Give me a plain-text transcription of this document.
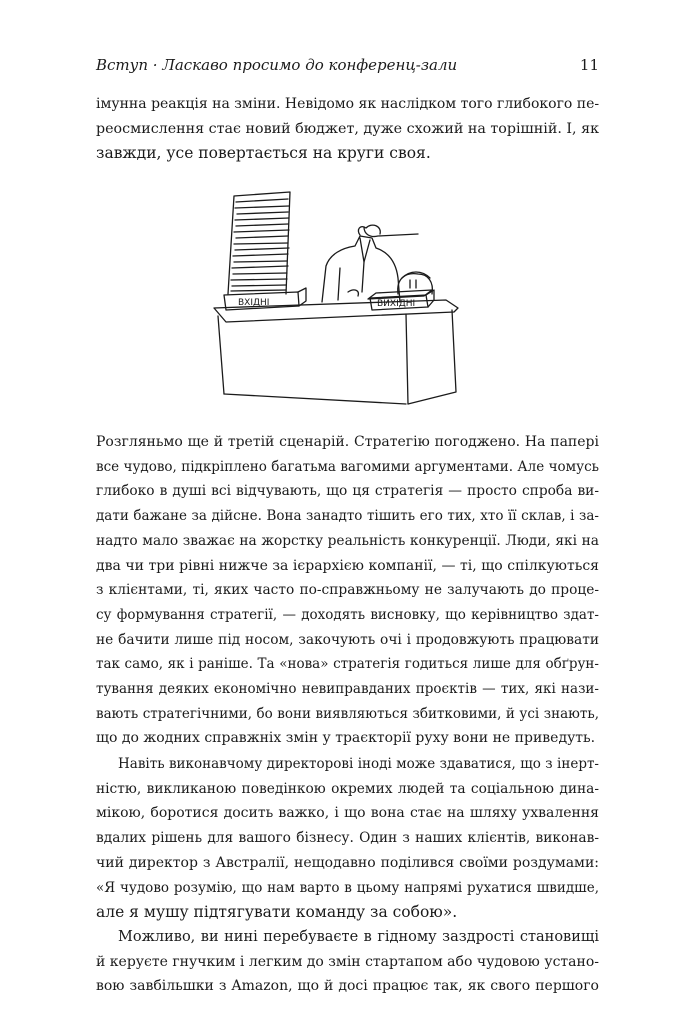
Вступ · Ласкаво просимо до конференц-зали	11

імунна реакція на зміни. Невідомо як наслідком того глибокого пе-
реосмислення стає новий бюджет, дуже схожий на торішній. І, як
завжди, усе повертається на круги своя.

ВХІДНІ	ВИХІДНІ

Розгляньмо ще й третій сценарій. Стратегію погоджено. На папері
все чудово, підкріплено багатьма вагомими аргументами. Але чомусь
глибоко в душі всі відчувають, що ця стратегія — просто спроба ви-
дати бажане за дійсне. Вона занадто тішить его тих, хто її склав, і за-
надто мало зважає на жорстку реальність конкуренції. Люди, які на
два чи три рівні нижче за ієрархією компанії, — ті, що спілкуються
з клієнтами, ті, яких часто по-справжньому не залучають до проце-
су формування стратегії, — доходять висновку, що керівництво здат-
не бачити лише під носом, закочують очі і продовжують працювати
так само, як і раніше. Та «нова» стратегія годиться лише для обґрун-
тування деяких економічно невиправданих проєктів — тих, які нази-
вають стратегічними, бо вони виявляються збитковими, й усі знають,
що до жодних справжніх змін у траєкторії руху вони не приведуть.

Навіть виконавчому директорові іноді може здаватися, що з інерт-
ністю, викликаною поведінкою окремих людей та соціальною дина-
мікою, боротися досить важко, і що вона стає на шляху ухвалення
вдалих рішень для вашого бізнесу. Один з наших клієнтів, виконав-
чий директор з Австралії, нещодавно поділився своїми роздумами:
«Я чудово розумію, що нам варто в цьому напрямі рухатися швидше,
але я мушу підтягувати команду за собою».

Можливо, ви нині перебуваєте в гідному заздрості становищі
й керуєте гнучким і легким до змін стартапом або чудовою устано-
вою завбільшки з Amazon, що й досі працює так, як свого першого
